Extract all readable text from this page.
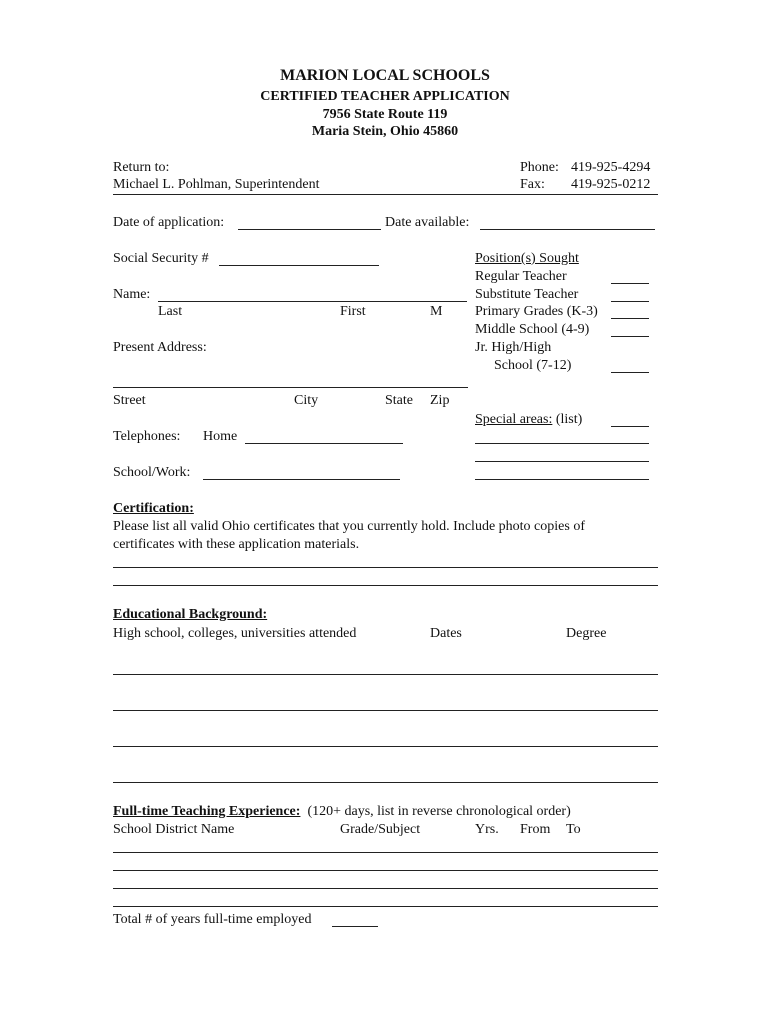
MARION LOCAL SCHOOLS
CERTIFIED TEACHER APPLICATION
7956 State Route 119
Maria Stein, Ohio 45860
Return to:
Michael L. Pohlman, Superintendent
Phone: 419-925-4294
Fax: 419-925-0212
Date of application:	Date available:
Social Security #
Name:
Last	First	M
Present Address:
Street	City	State Zip
Telephones: Home
School/Work:
Position(s) Sought
Regular Teacher
Substitute Teacher
Primary Grades (K-3)
Middle School (4-9)
Jr. High/High
School (7-12)
Special areas: (list)
Certification:
Please list all valid Ohio certificates that you currently hold. Include photo copies of
certificates with these application materials.
Educational Background:
High school, colleges, universities attended	Dates	Degree
Full-time Teaching Experience: (120+ days, list in reverse chronological order)
School District Name	Grade/Subject	Yrs. From To
Total # of years full-time employed
